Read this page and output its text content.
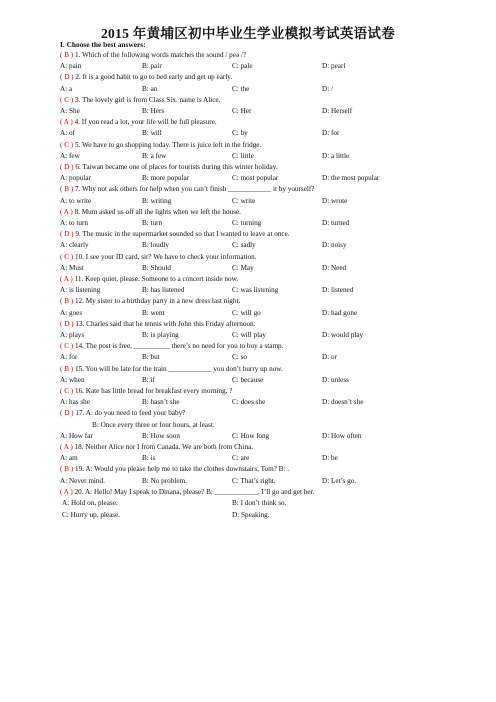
2015 年黄埔区初中毕业生学业模拟考试英语试卷
I. Choose the best answers:
( B ) 1. Which of the following words matches the sound / peə /?
A: pain	B: pair	C: pale	D: pearl
( D ) 2. It is a good habit to go to bed early and get up early.
A: a	B: an	C: the	D: /
( C ) 3. The lovely girl is from Class Six. name is Alice.
A: She	B: Hers	C: Her	D: Herself
( A ) 4. If you read a lot, your life will be full pleasure.
A: of	B: will	C: by	D: for
( C ) 5. We have to go shopping today. There is juice left in the fridge.
A: few	B: a few	C: little	D: a little
( D ) 6. Taiwan became one of places for tourists during this winter holiday.
A: popular	B: more popular	C: most popular	D: the most popular
( B ) 7. Why not ask others for help when you can’t finish ____________ it by yourself?
A: to write	B: writing	C: write	D: wrote
( A ) 8. Mum asked us off all the lights when we left the house.
A: to turn	B: turn	C: turning	D: turned
( D ) 9. The music in the supermarket sounded so that I wanted to leave at once.
A: clearly	B: loudly	C: sadly	D: noisy
( C ) 10. I see your ID card, sir? We have to check your information.
A: Must	B: Should	C: May	D: Need
( A ) 11. Keep quiet, please. Someone to a concert inside now.
A: is listening	B: has listened	C: was listening	D: listened
( B ) 12. My sister to a birthday party in a new dress last night.
A: goes	B: went	C: will go	D: had gone
( D ) 13. Charles said that he tennis with John this Friday afternoon.
A: plays	B: is playing	C: will play	D: would play
( C ) 14. The post is free, __________ there’s no need for you to buy a stamp.
A: for	B: but	C: so	D: or
( B ) 15. You will be late for the train ____________ you don’t hurry up now.
A: when	B: if	C: because	D: unless
( C ) 16. Kate has little bread for breakfast every morning, ?
A: has she	B: hasn’t she	C: does she	D: doesn’t she
( D ) 17. A: do you need to feed your baby?
B: Once every three or four hours, at least.
A: How far	B: How soon	C: How long	D: How often
( A ) 18. Neither Alice nor I from Canada. We are both from China.
A: am	B: is	C: are	D: be
( B ) 19. A: Would you please help me to take the clothes downstairs, Tom? B: .
A: Never mind.	B: No problem.	C: That’s right.	D: Let’s go.
( A ) 20. A: Hello! May I speak to Dinana, please? B: ____________. I’ll go and get her.
A: Hold on, please.	B: I don’t think so.
C: Hurry up, please.	D: Speaking.
